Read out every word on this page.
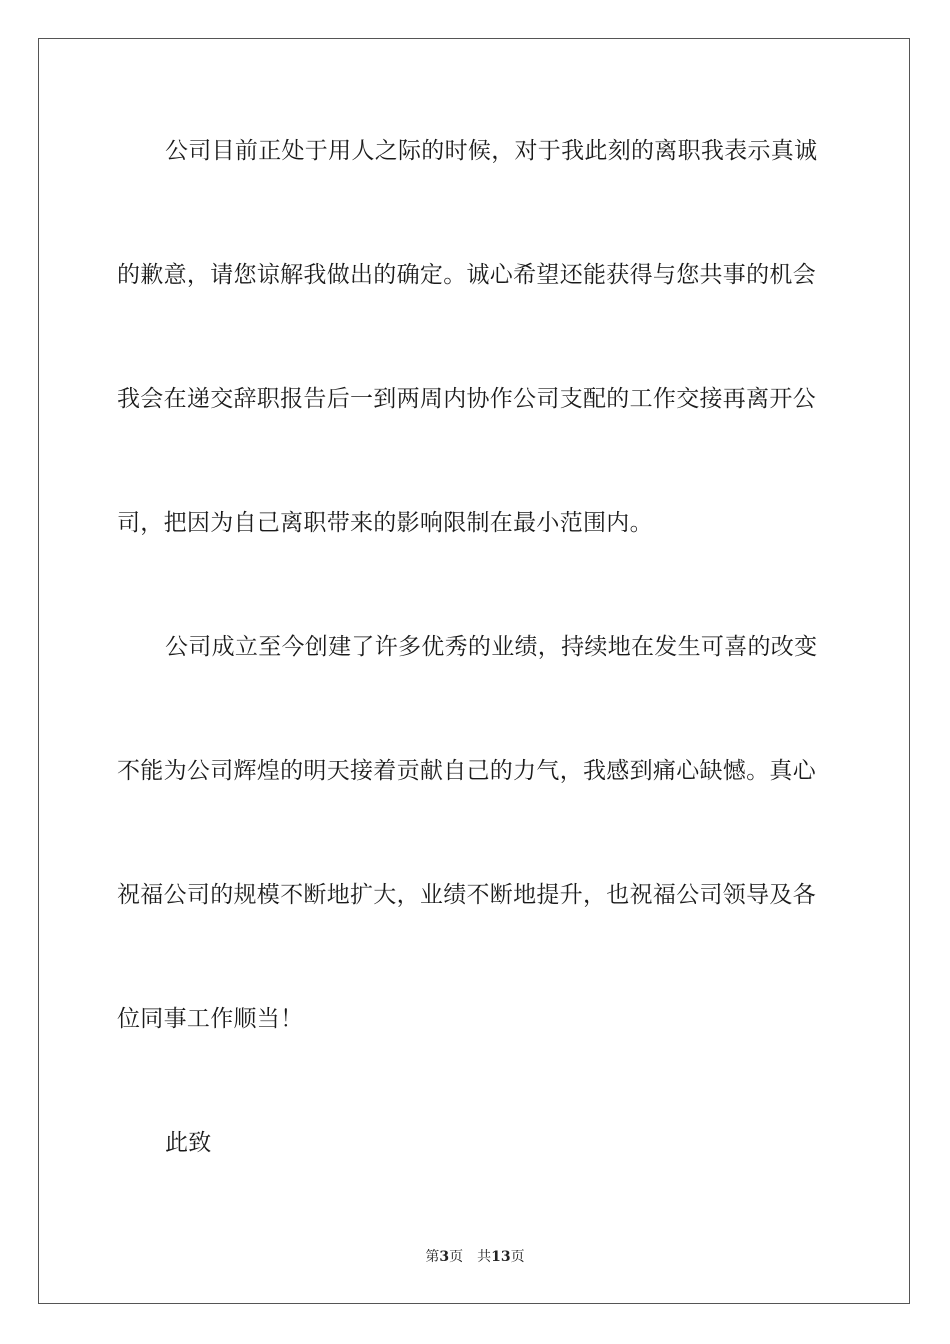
公司目前正处于用人之际的时候，对于我此刻的离职我表示真诚
的歉意，请您谅解我做出的确定。诚心希望还能获得与您共事的机会
我会在递交辞职报告后一到两周内协作公司支配的工作交接再离开公
司，把因为自己离职带来的影响限制在最小范围内。
公司成立至今创建了许多优秀的业绩，持续地在发生可喜的改变
不能为公司辉煌的明天接着贡献自己的力气，我感到痛心缺憾。真心
祝福公司的规模不断地扩大，业绩不断地提升，也祝福公司领导及各
位同事工作顺当！
此致
第3页 共13页
